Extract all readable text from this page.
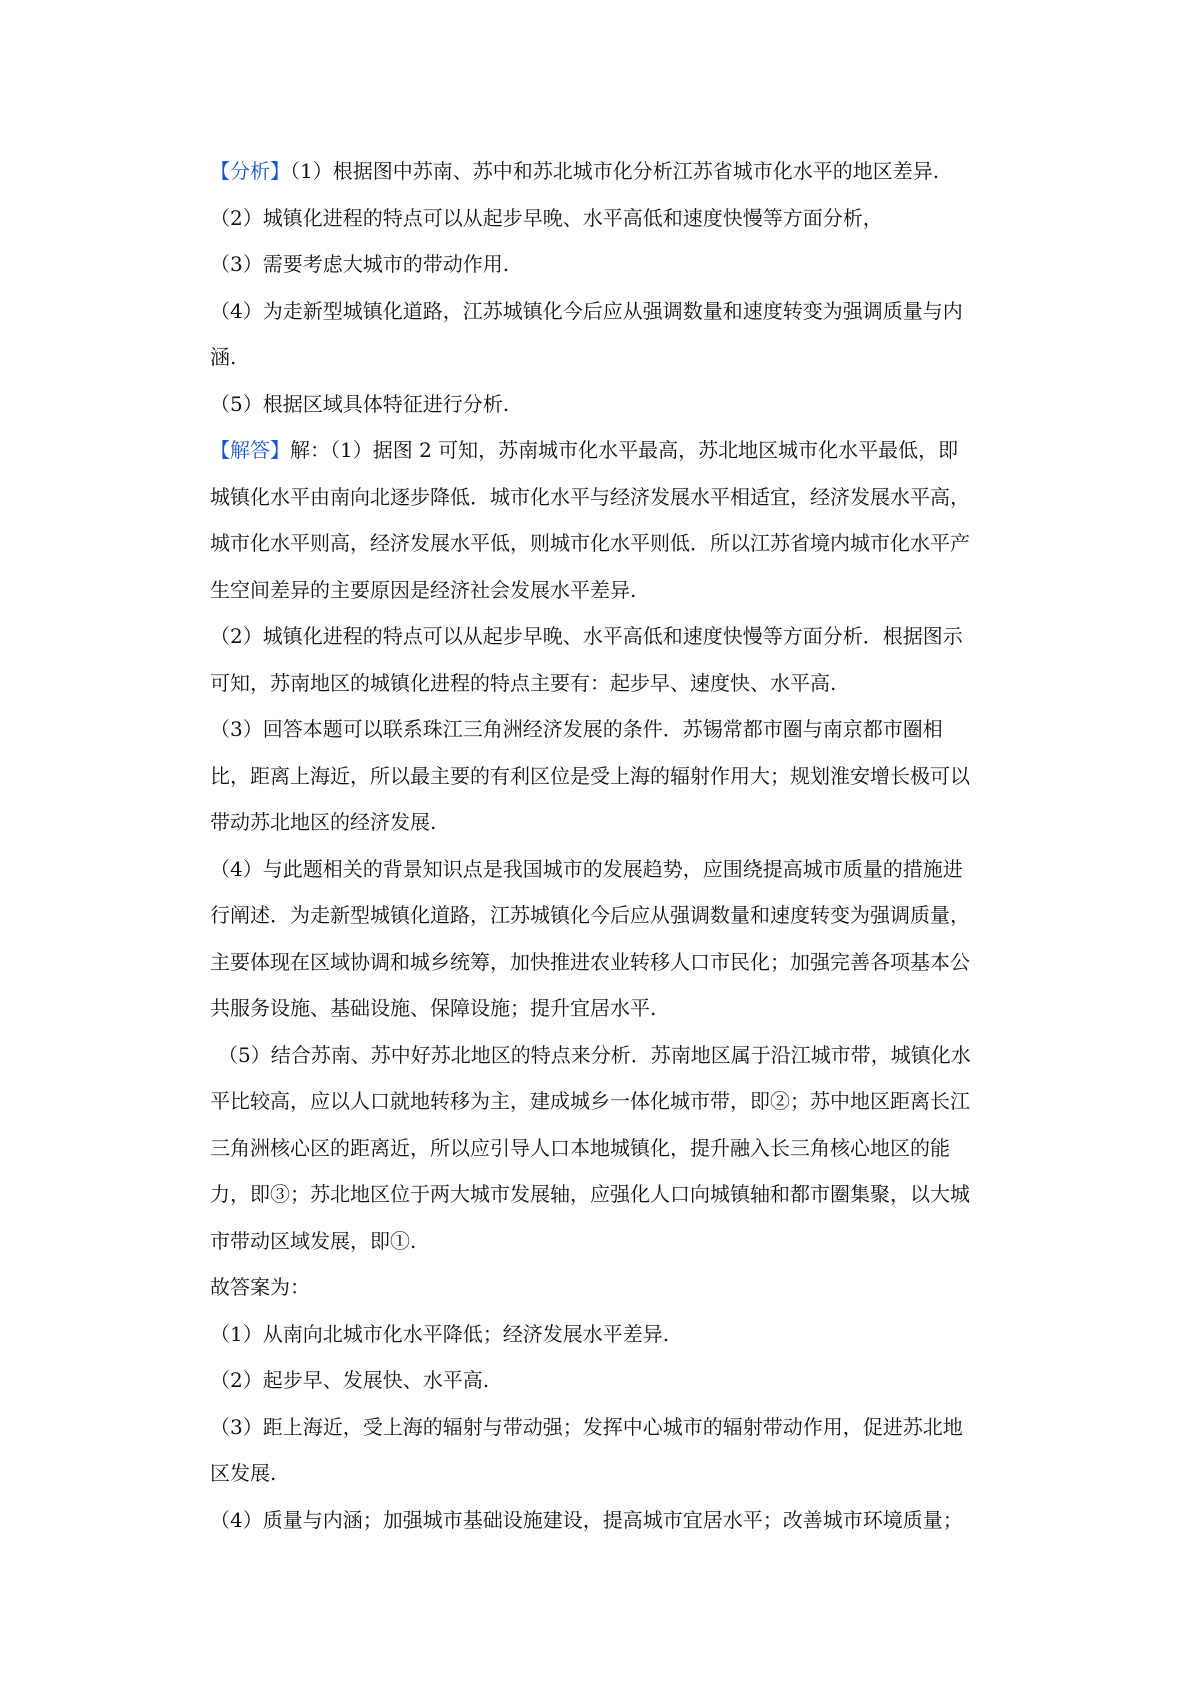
【分析】（1）根据图中苏南、苏中和苏北城市化分析江苏省城市化水平的地区差异.
（2）城镇化进程的特点可以从起步早晚、水平高低和速度快慢等方面分析，
（3）需要考虑大城市的带动作用.
（4）为走新型城镇化道路，江苏城镇化今后应从强调数量和速度转变为强调质量与内
涵.
（5）根据区域具体特征进行分析.
【解答】解：（1）据图 2 可知，苏南城市化水平最高，苏北地区城市化水平最低，即
城镇化水平由南向北逐步降低．城市化水平与经济发展水平相适宜，经济发展水平高，
城市化水平则高，经济发展水平低，则城市化水平则低．所以江苏省境内城市化水平产
生空间差异的主要原因是经济社会发展水平差异.
（2）城镇化进程的特点可以从起步早晚、水平高低和速度快慢等方面分析．根据图示
可知，苏南地区的城镇化进程的特点主要有：起步早、速度快、水平高.
（3）回答本题可以联系珠江三角洲经济发展的条件．苏锡常都市圈与南京都市圈相
比，距离上海近，所以最主要的有利区位是受上海的辐射作用大；规划淮安增长极可以
带动苏北地区的经济发展.
（4）与此题相关的背景知识点是我国城市的发展趋势，应围绕提高城市质量的措施进
行阐述．为走新型城镇化道路，江苏城镇化今后应从强调数量和速度转变为强调质量，
主要体现在区域协调和城乡统筹，加快推进农业转移人口市民化；加强完善各项基本公
共服务设施、基础设施、保障设施；提升宜居水平.
（5）结合苏南、苏中好苏北地区的特点来分析．苏南地区属于沿江城市带，城镇化水
平比较高，应以人口就地转移为主，建成城乡一体化城市带，即②；苏中地区距离长江
三角洲核心区的距离近，所以应引导人口本地城镇化，提升融入长三角核心地区的能
力，即③；苏北地区位于两大城市发展轴，应强化人口向城镇轴和都市圈集聚，以大城
市带动区域发展，即①.
故答案为：
（1）从南向北城市化水平降低；经济发展水平差异.
（2）起步早、发展快、水平高.
（3）距上海近，受上海的辐射与带动强；发挥中心城市的辐射带动作用，促进苏北地
区发展.
（4）质量与内涵；加强城市基础设施建设，提高城市宜居水平；改善城市环境质量；
